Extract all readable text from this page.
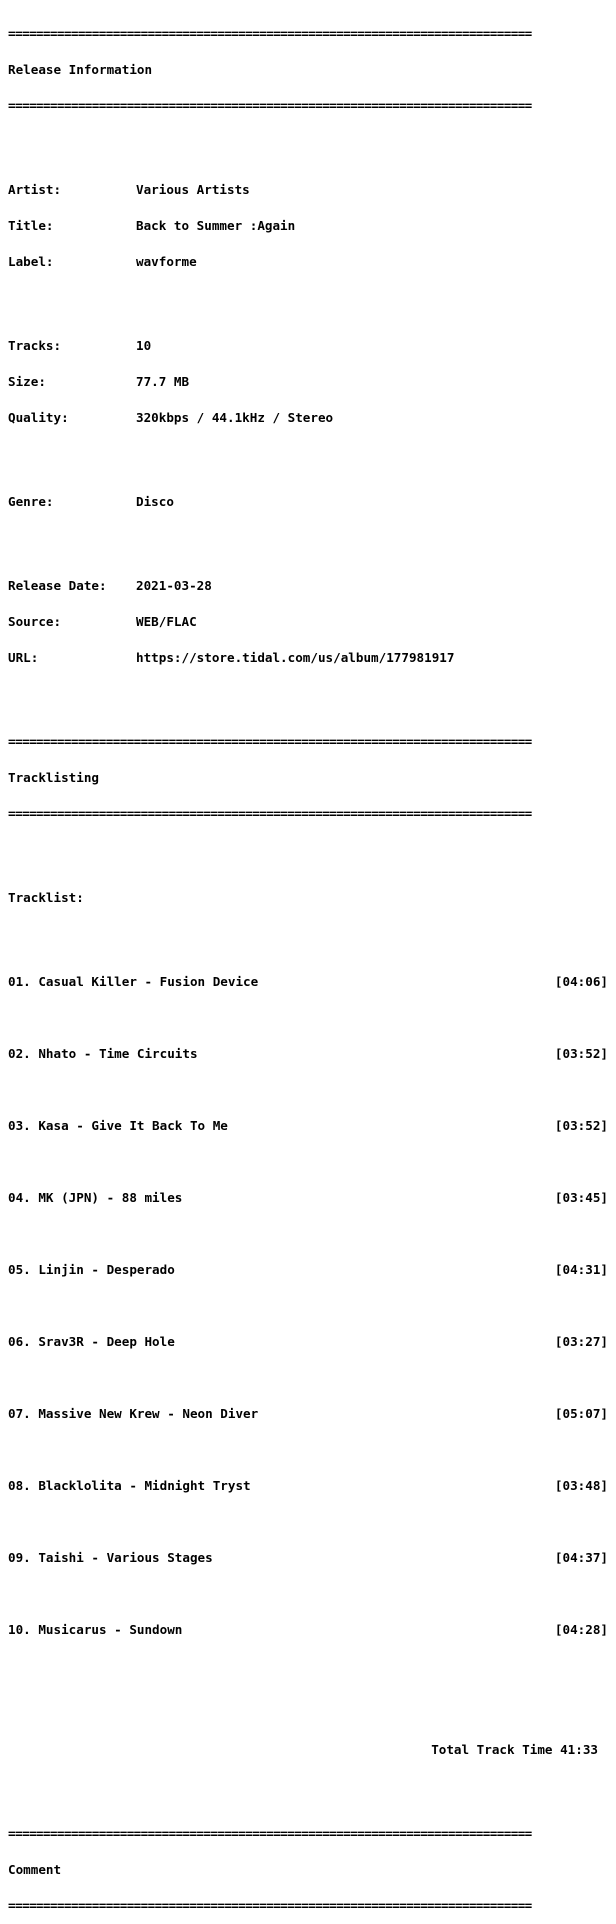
===========================================================================

Release Information

===========================================================================

Artist:	Various Artists

Title:	Back to Summer :Again

Label:	wavforme

Tracks:	10

Size:	77.7 MB

Quality:	320kbps / 44.1kHz / Stereo

Genre:	Disco

Release Date:	2021-03-28

Source:	WEB/FLAC

URL:	https://store.tidal.com/us/album/177981917

===========================================================================

Tracklisting

===========================================================================

Tracklist:

01. Casual Killer - Fusion Device	[04:06]

02. Nhato - Time Circuits	[03:52]

03. Kasa - Give It Back To Me	[03:52]

04. MK (JPN) - 88 miles	[03:45]

05. Linjin - Desperado	[04:31]

06. Srav3R - Deep Hole	[03:27]

07. Massive New Krew - Neon Diver	[05:07]

08. Blacklolita - Midnight Tryst	[03:48]

09. Taishi - Various Stages	[04:37]

10. Musicarus - Sundown	[04:28]

Total Track Time 41:33

===========================================================================

Comment

===========================================================================
